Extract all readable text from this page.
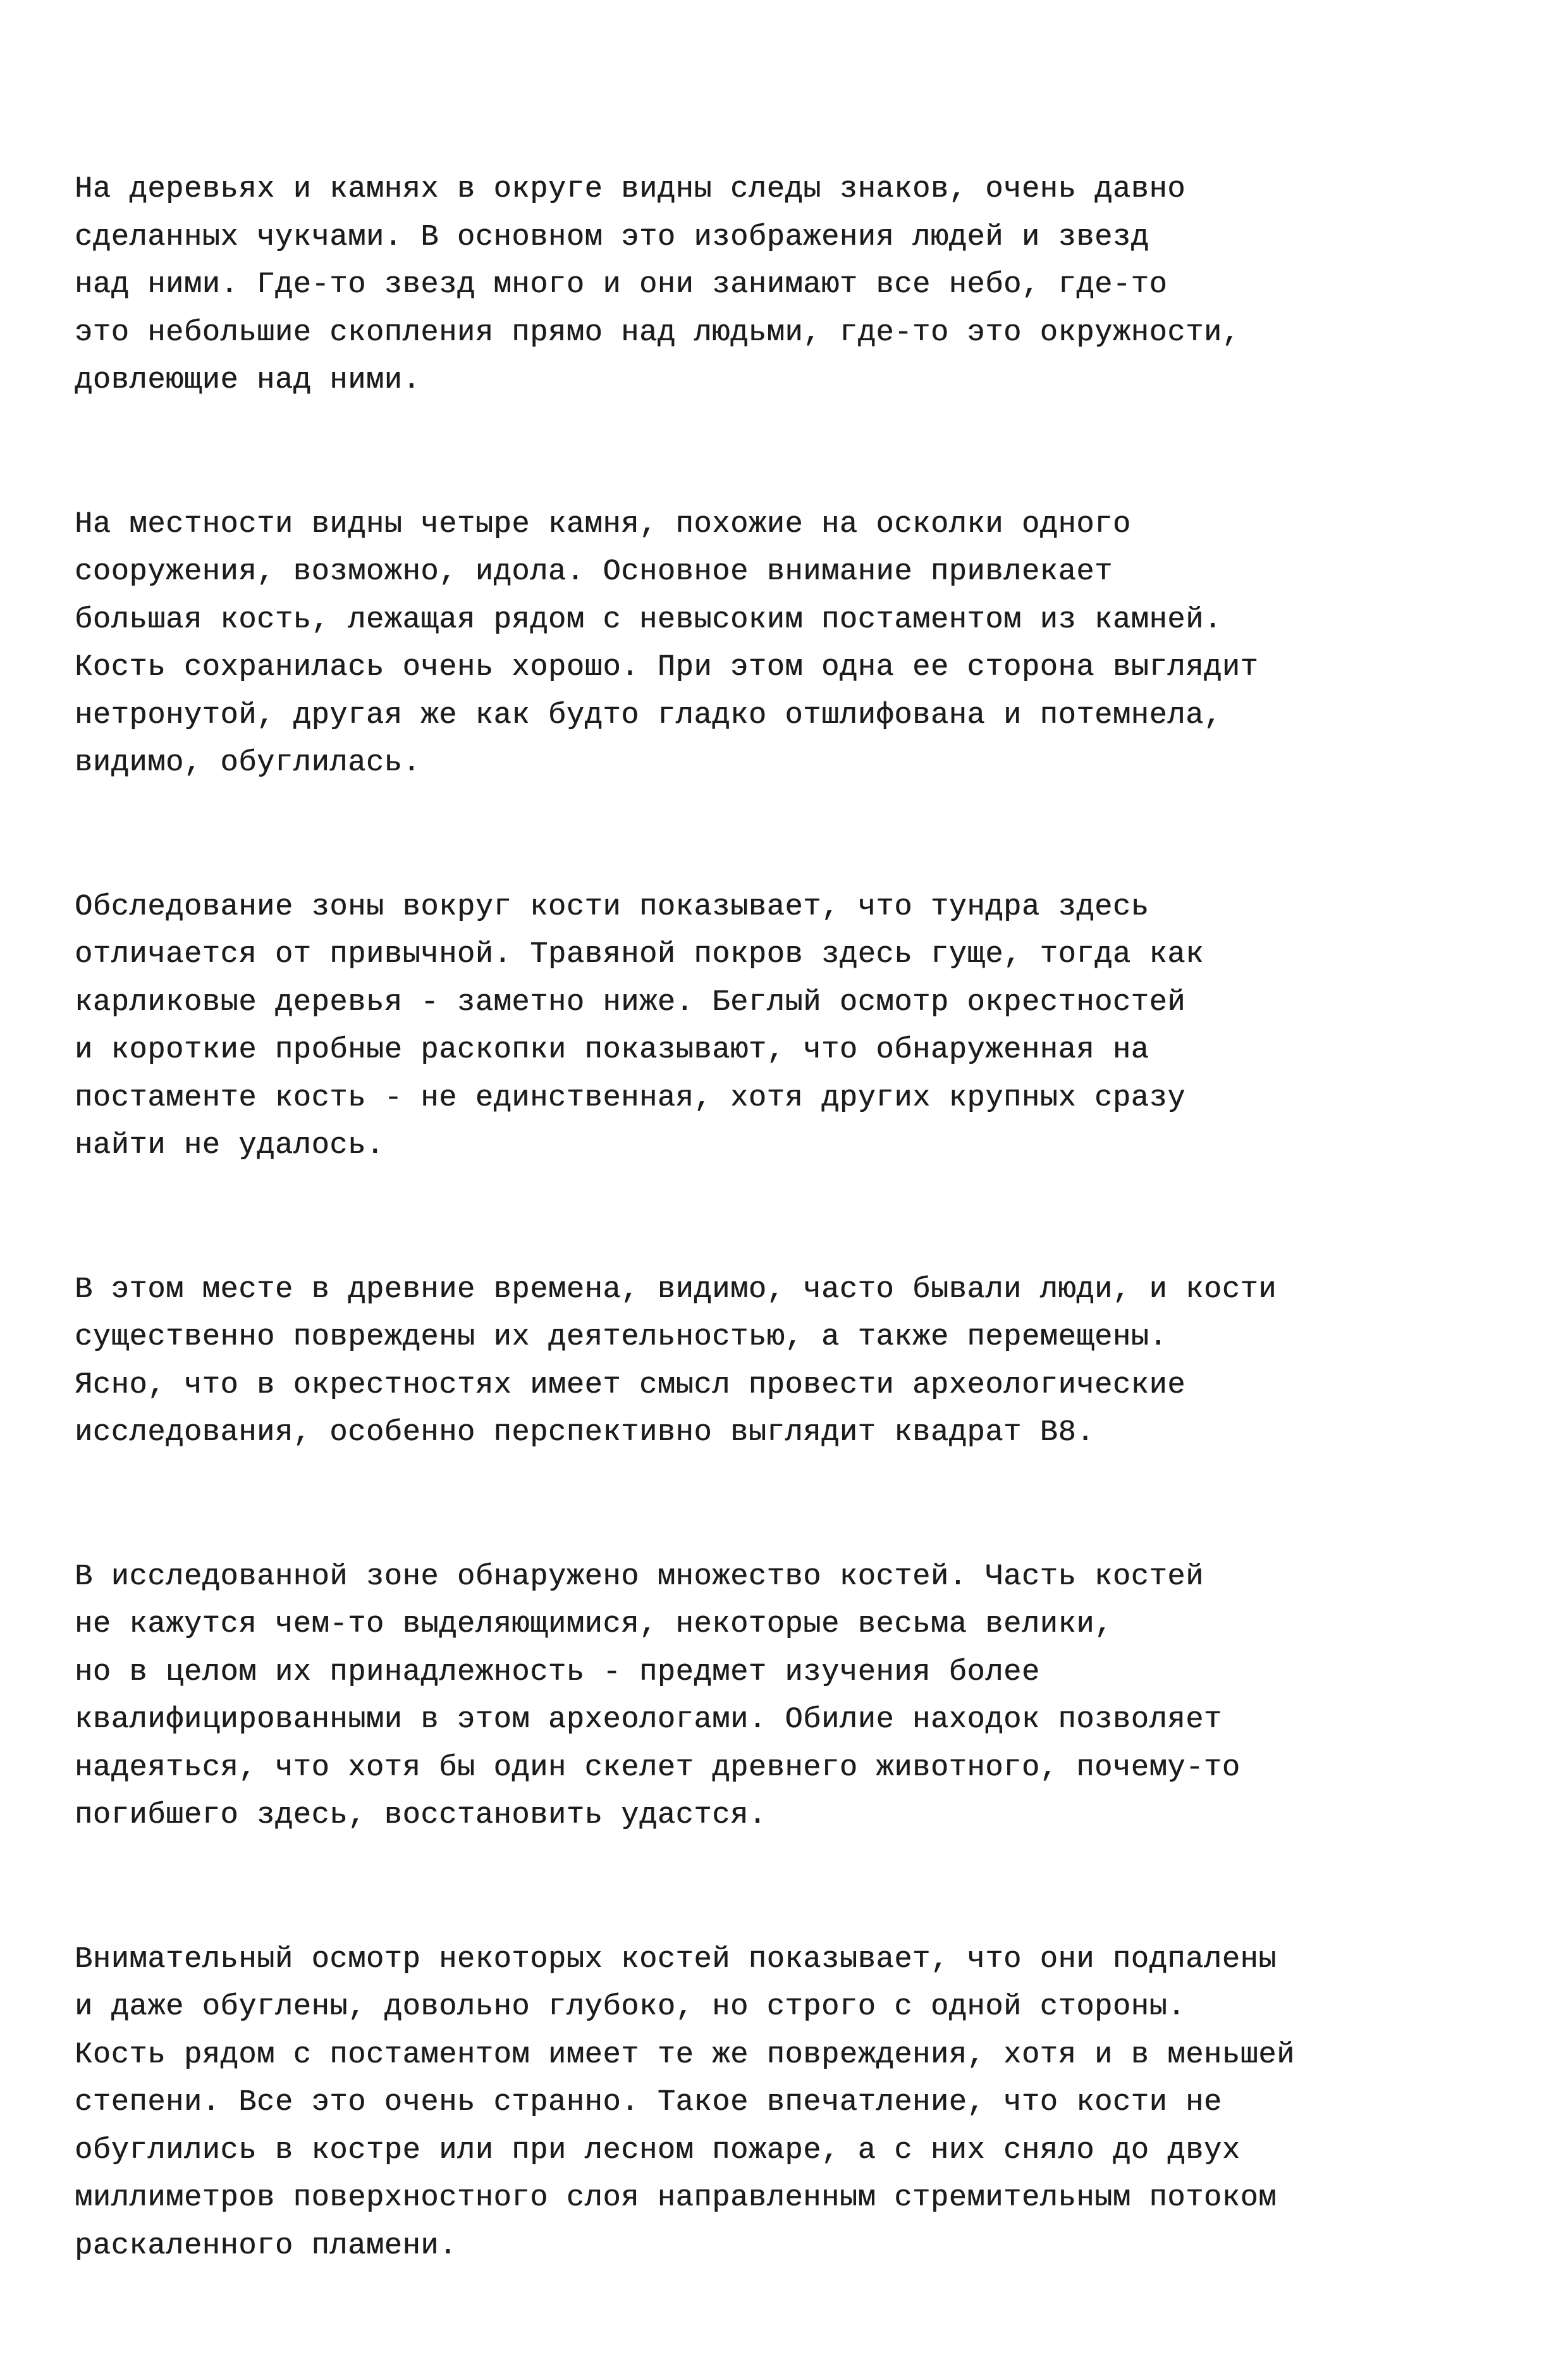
На деревьях и камнях в округе видны следы знаков, очень давно
сделанных чукчами. В основном это изображения людей и звезд
над ними. Где-то звезд много и они занимают все небо, где-то
это небольшие скопления прямо над людьми, где-то это окружности,
довлеющие над ними.

На местности видны четыре камня, похожие на осколки одного
сооружения, возможно, идола. Основное внимание привлекает
большая кость, лежащая рядом с невысоким постаментом из камней.
Кость сохранилась очень хорошо. При этом одна ее сторона выглядит
нетронутой, другая же как будто гладко отшлифована и потемнела,
видимо, обуглилась.

Обследование зоны вокруг кости показывает, что тундра здесь
отличается от привычной. Травяной покров здесь гуще, тогда как
карликовые деревья - заметно ниже. Беглый осмотр окрестностей
и короткие пробные раскопки показывают, что обнаруженная на
постаменте кость - не единственная, хотя других крупных сразу
найти не удалось.

В этом месте в древние времена, видимо, часто бывали люди, и кости
существенно повреждены их деятельностью, а также перемещены.
Ясно, что в окрестностях имеет смысл провести археологические
исследования, особенно перспективно выглядит квадрат В8.

В исследованной зоне обнаружено множество костей. Часть костей
не кажутся чем-то выделяющимися, некоторые весьма велики,
но в целом их принадлежность - предмет изучения более
квалифицированными в этом археологами. Обилие находок позволяет
надеяться, что хотя бы один скелет древнего животного, почему-то
погибшего здесь, восстановить удастся.

Внимательный осмотр некоторых костей показывает, что они подпалены
и даже обуглены, довольно глубоко, но строго с одной стороны.
Кость рядом с постаментом имеет те же повреждения, хотя и в меньшей
степени. Все это очень странно. Такое впечатление, что кости не
обуглились в костре или при лесном пожаре, а с них сняло до двух
миллиметров поверхностного слоя направленным стремительным потоком
раскаленного пламени.
